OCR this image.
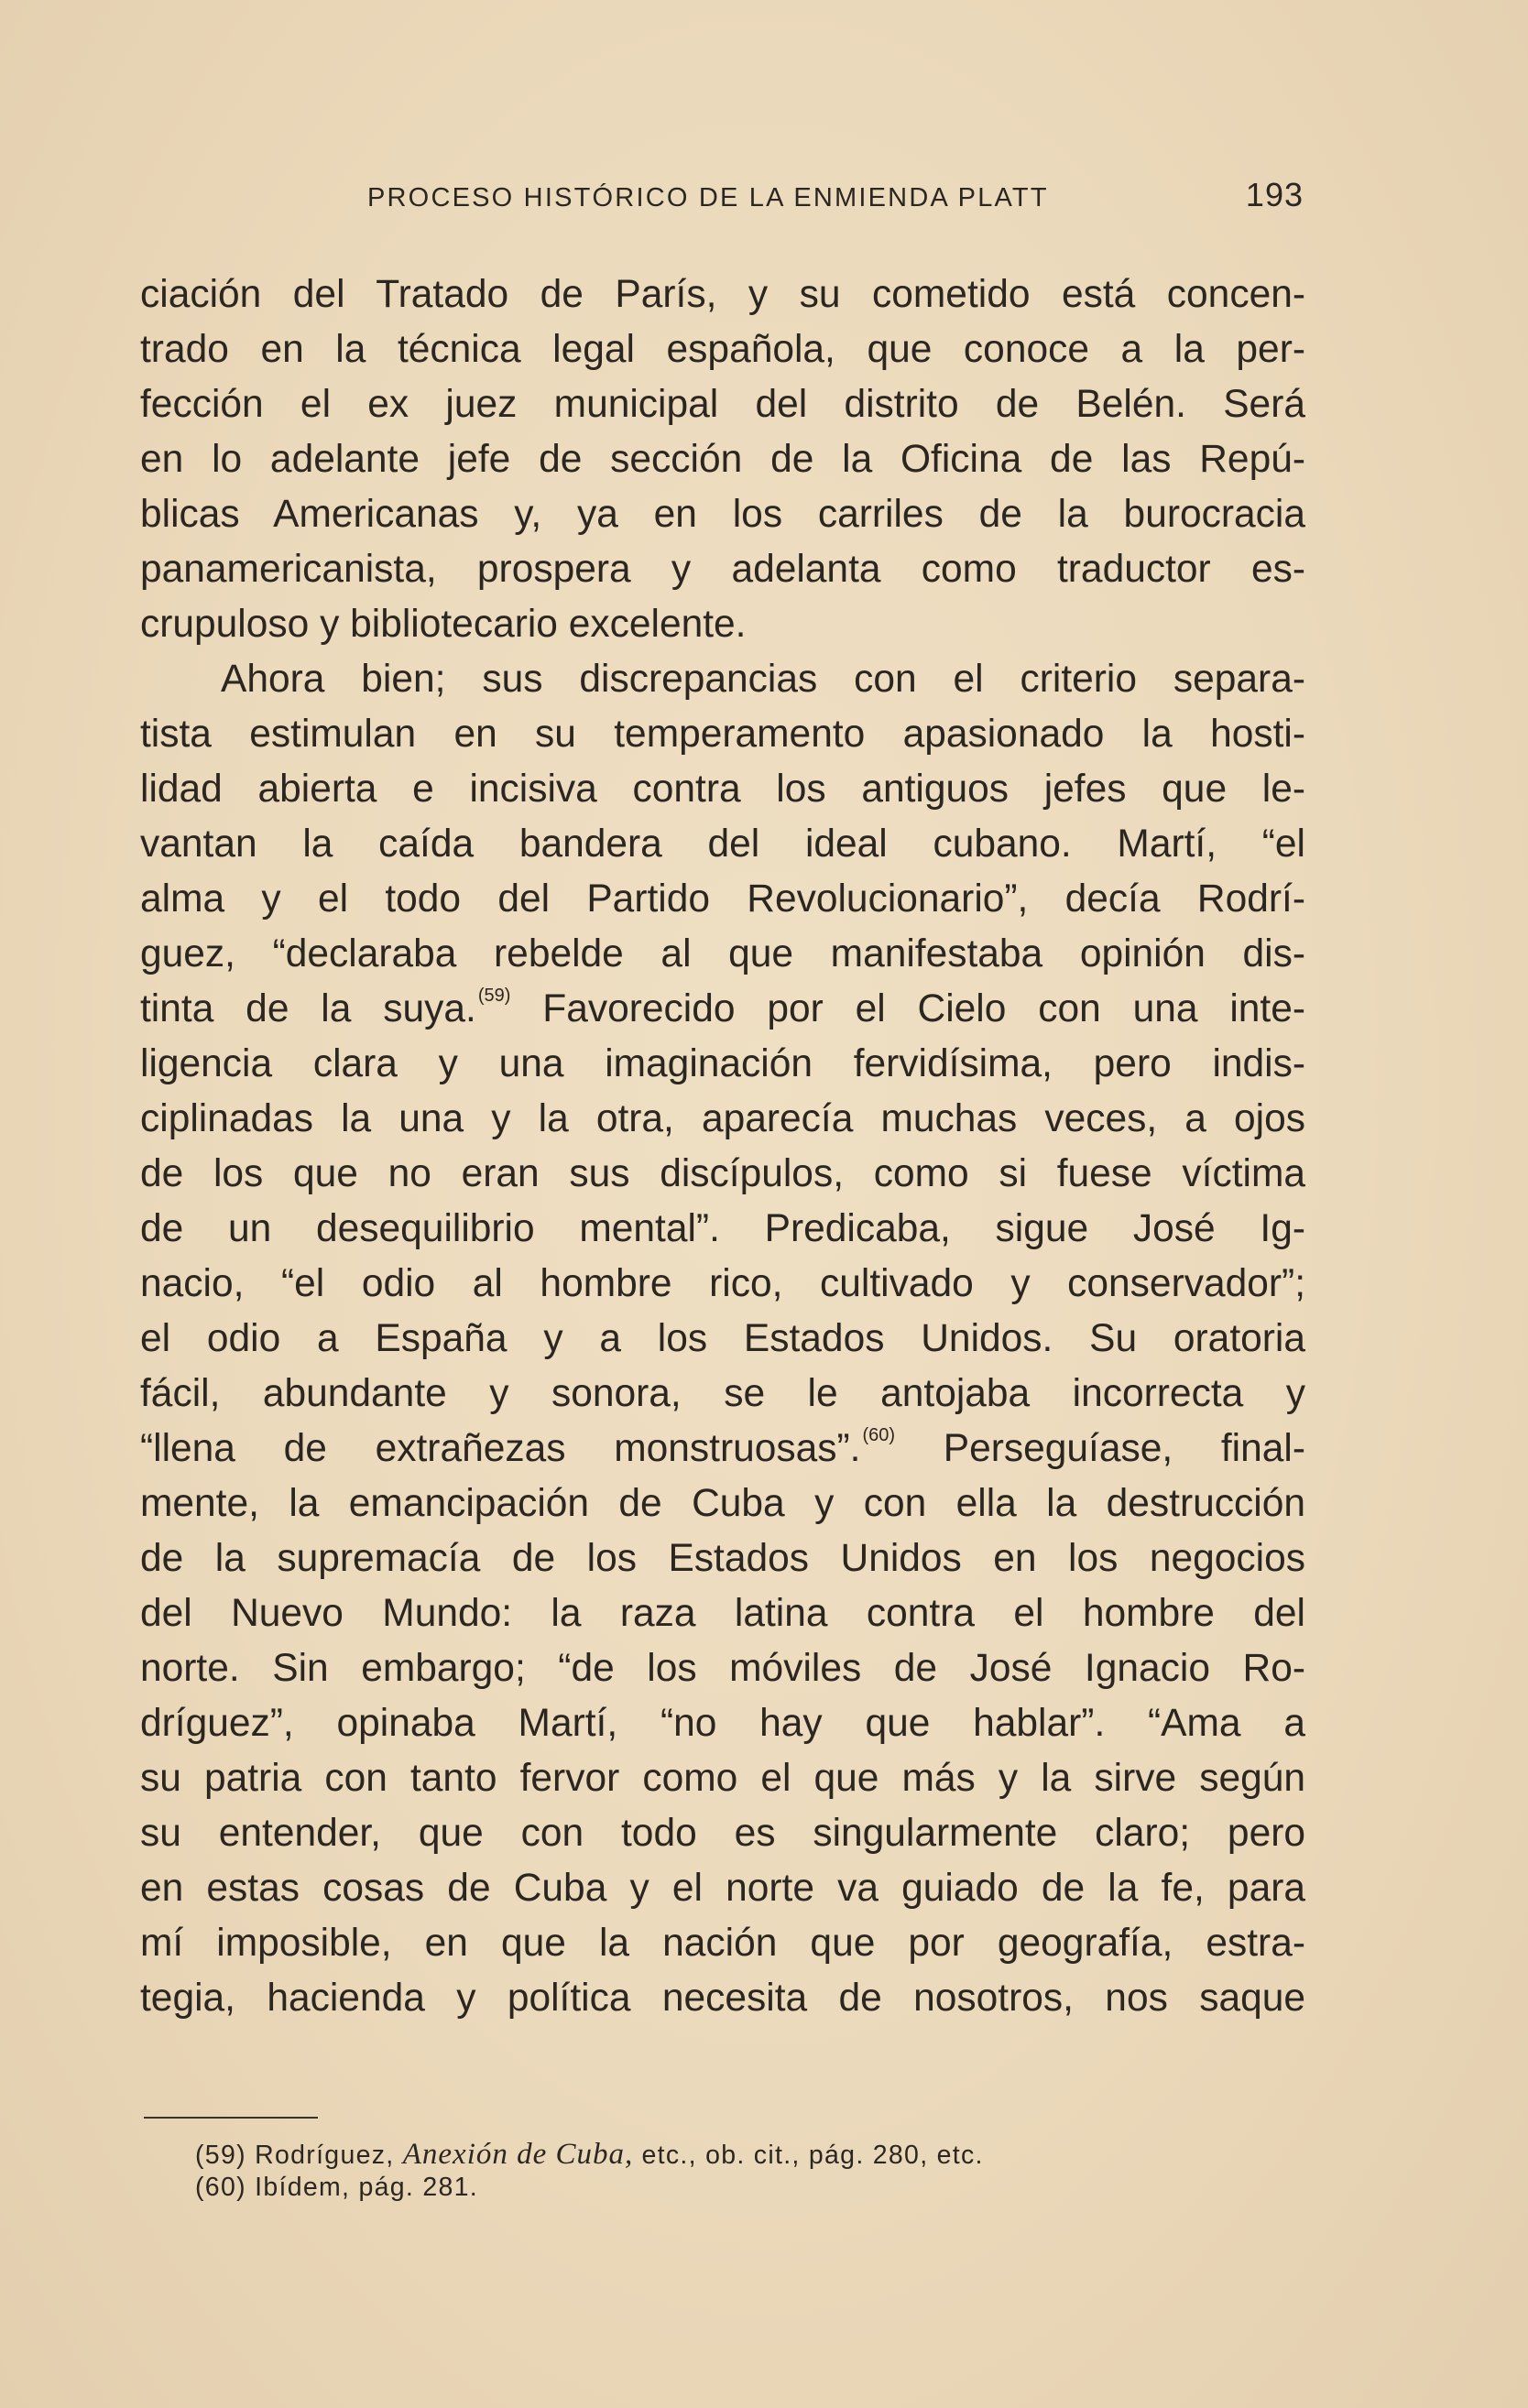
PROCESO HISTÓRICO DE LA ENMIENDA PLATT	193
ciación del Tratado de París, y su cometido está concen-
trado en la técnica legal española, que conoce a la per-
fección el ex juez municipal del distrito de Belén. Será
en lo adelante jefe de sección de la Oficina de las Repú-
blicas Americanas y, ya en los carriles de la burocracia
panamericanista, prospera y adelanta como traductor es-
crupuloso y bibliotecario excelente.
Ahora bien; sus discrepancias con el criterio separa-
tista estimulan en su temperamento apasionado la hosti-
lidad abierta e incisiva contra los antiguos jefes que le-
vantan la caída bandera del ideal cubano. Martí, “el
alma y el todo del Partido Revolucionario”, decía Rodrí-
guez, “declaraba rebelde al que manifestaba opinión dis-
tinta de la suya. $^{(59)}$ Favorecido por el Cielo con una inte-
ligencia clara y una imaginación fervidísima, pero indis-
ciplinadas la una y la otra, aparecía muchas veces, a ojos
de los que no eran sus discípulos, como si fuese víctima
de un desequilibrio mental”. Predicaba, sigue José Ig-
nacio, “el odio al hombre rico, cultivado y conservador”;
el odio a España y a los Estados Unidos. Su oratoria
fácil, abundante y sonora, se le antojaba incorrecta y
“llena de extrañezas monstruosas”. $^{(60)}$ Perseguíase, final-
mente, la emancipación de Cuba y con ella la destrucción
de la supremacía de los Estados Unidos en los negocios
del Nuevo Mundo: la raza latina contra el hombre del
norte. Sin embargo; “de los móviles de José Ignacio Ro-
dríguez”, opinaba Martí, “no hay que hablar”. “Ama a
su patria con tanto fervor como el que más y la sirve según
su entender, que con todo es singularmente claro; pero
en estas cosas de Cuba y el norte va guiado de la fe, para
mí imposible, en que la nación que por geografía, estra-
tegia, hacienda y política necesita de nosotros, nos saque
(59) Rodríguez, Anexión de Cuba, etc., ob. cit., pág. 280, etc.
(60) Ibídem, pág. 281.
